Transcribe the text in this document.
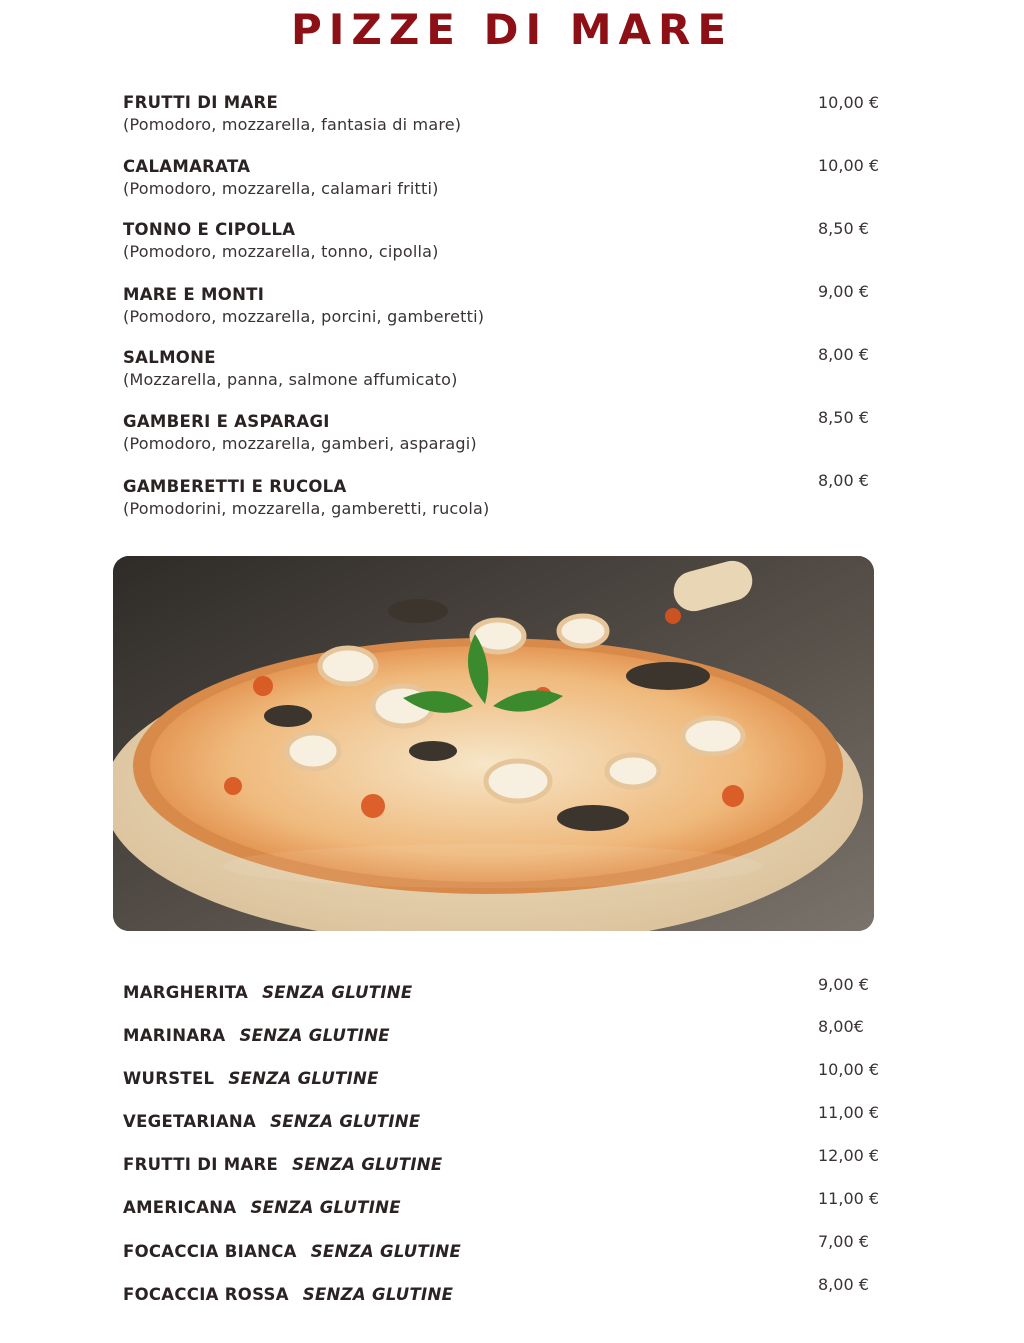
PIZZE DI MARE
FRUTTI DI MARE
(Pomodoro, mozzarella, fantasia di mare)
10,00 €
CALAMARATA
(Pomodoro, mozzarella, calamari fritti)
10,00 €
TONNO E CIPOLLA
(Pomodoro, mozzarella, tonno, cipolla)
8,50 €
MARE E MONTI
(Pomodoro, mozzarella, porcini, gamberetti)
9,00 €
SALMONE
(Mozzarella, panna, salmone affumicato)
8,00 €
GAMBERI E ASPARAGI
(Pomodoro, mozzarella, gamberi, asparagi)
8,50 €
GAMBERETTI E RUCOLA
(Pomodorini, mozzarella, gamberetti, rucola)
8,00 €
MARGHERITA SENZA GLUTINE	9,00 €
MARINARA SENZA GLUTINE	8,00€
WURSTEL SENZA GLUTINE	10,00 €
VEGETARIANA SENZA GLUTINE	11,00 €
FRUTTI DI MARE SENZA GLUTINE	12,00 €
AMERICANA SENZA GLUTINE	11,00 €
FOCACCIA BIANCA SENZA GLUTINE
7,00 €
FOCACCIA ROSSA SENZA GLUTINE
8,00 €
